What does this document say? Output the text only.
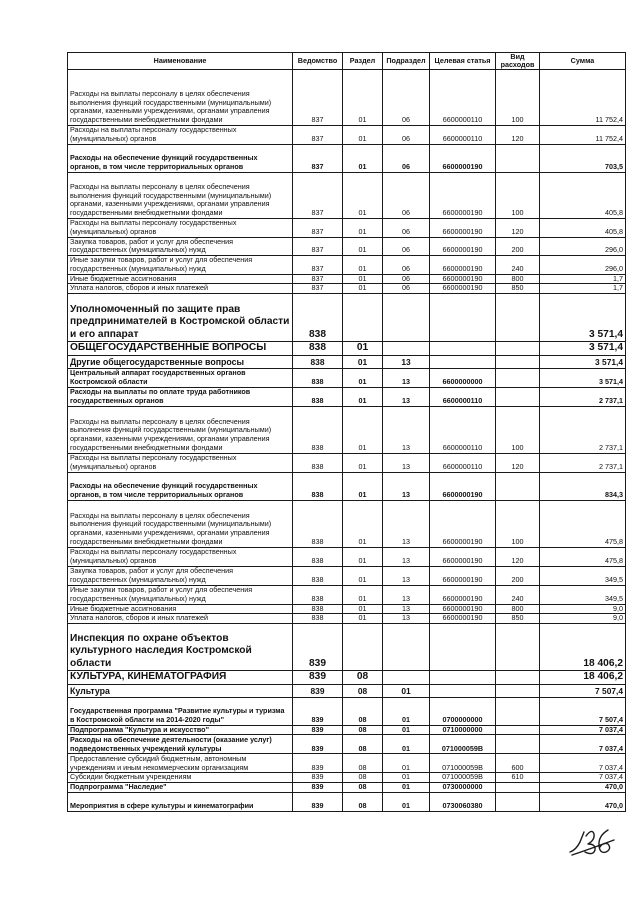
Наименование	Ведомство	Раздел	Подраздел	Целевая статья	Вид расходов	Сумма
Расходы на выплаты персоналу в целях обеспечения выполнения функций государственными (муниципальными) органами, казенными учреждениями, органами управления государственными внебюджетными фондами	837	01	06	6600000110	100	11 752,4
Расходы на выплаты персоналу государственных (муниципальных) органов	837	01	06	6600000110	120	11 752,4
Расходы на обеспечение функций государственных органов, в том числе территориальных органов	837	01	06	6600000190		703,5
Расходы на выплаты персоналу в целях обеспечения выполнения функций государственными (муниципальными) органами, казенными учреждениями, органами управления государственными внебюджетными фондами	837	01	06	6600000190	100	405,8
Расходы на выплаты персоналу государственных (муниципальных) органов	837	01	06	6600000190	120	405,8
Закупка товаров, работ и услуг для обеспечения государственных (муниципальных) нужд	837	01	06	6600000190	200	296,0
Иные закупки товаров, работ и услуг для обеспечения государственных (муниципальных) нужд	837	01	06	6600000190	240	296,0
Иные бюджетные ассигнования	837	01	06	6600000190	800	1,7
Уплата налогов, сборов и иных платежей	837	01	06	6600000190	850	1,7
Уполномоченный по защите прав предпринимателей в Костромской области и его аппарат	838					3 571,4
ОБЩЕГОСУДАРСТВЕННЫЕ ВОПРОСЫ	838	01				3 571,4
Другие общегосударственные вопросы	838	01	13			3 571,4
Центральный аппарат государственных органов Костромской области	838	01	13	6600000000		3 571,4
Расходы на выплаты по оплате труда работников государственных органов	838	01	13	6600000110		2 737,1
Расходы на выплаты персоналу в целях обеспечения выполнения функций государственными (муниципальными) органами, казенными учреждениями, органами управления государственными внебюджетными фондами	838	01	13	6600000110	100	2 737,1
Расходы на выплаты персоналу государственных (муниципальных) органов	838	01	13	6600000110	120	2 737,1
Расходы на обеспечение функций государственных органов, в том числе территориальных органов	838	01	13	6600000190		834,3
Расходы на выплаты персоналу в целях обеспечения выполнения функций государственными (муниципальными) органами, казенными учреждениями, органами управления государственными внебюджетными фондами	838	01	13	6600000190	100	475,8
Расходы на выплаты персоналу государственных (муниципальных) органов	838	01	13	6600000190	120	475,8
Закупка товаров, работ и услуг для обеспечения государственных (муниципальных) нужд	838	01	13	6600000190	200	349,5
Иные закупки товаров, работ и услуг для обеспечения государственных (муниципальных) нужд	838	01	13	6600000190	240	349,5
Иные бюджетные ассигнования	838	01	13	6600000190	800	9,0
Уплата налогов, сборов и иных платежей	838	01	13	6600000190	850	9,0
Инспекция по охране объектов культурного наследия Костромской области	839					18 406,2
КУЛЬТУРА, КИНЕМАТОГРАФИЯ	839	08				18 406,2
Культура	839	08	01			7 507,4
Государственная программа "Развитие культуры и туризма в Костромской области на 2014-2020 годы"	839	08	01	0700000000		7 507,4
Подпрограмма "Культура и искусство"	839	08	01	0710000000		7 037,4
Расходы на обеспечение деятельности (оказание услуг) подведомственных учреждений культуры	839	08	01	071000059В		7 037,4
Предоставление субсидий бюджетным, автономным учреждениям и иным некоммерческим организациям	839	08	01	071000059В	600	7 037,4
Субсидии бюджетным учреждениям	839	08	01	071000059В	610	7 037,4
Подпрограмма "Наследие"	839	08	01	0730000000		470,0
Мероприятия в сфере культуры и кинематографии	839	08	01	0730060380		470,0
